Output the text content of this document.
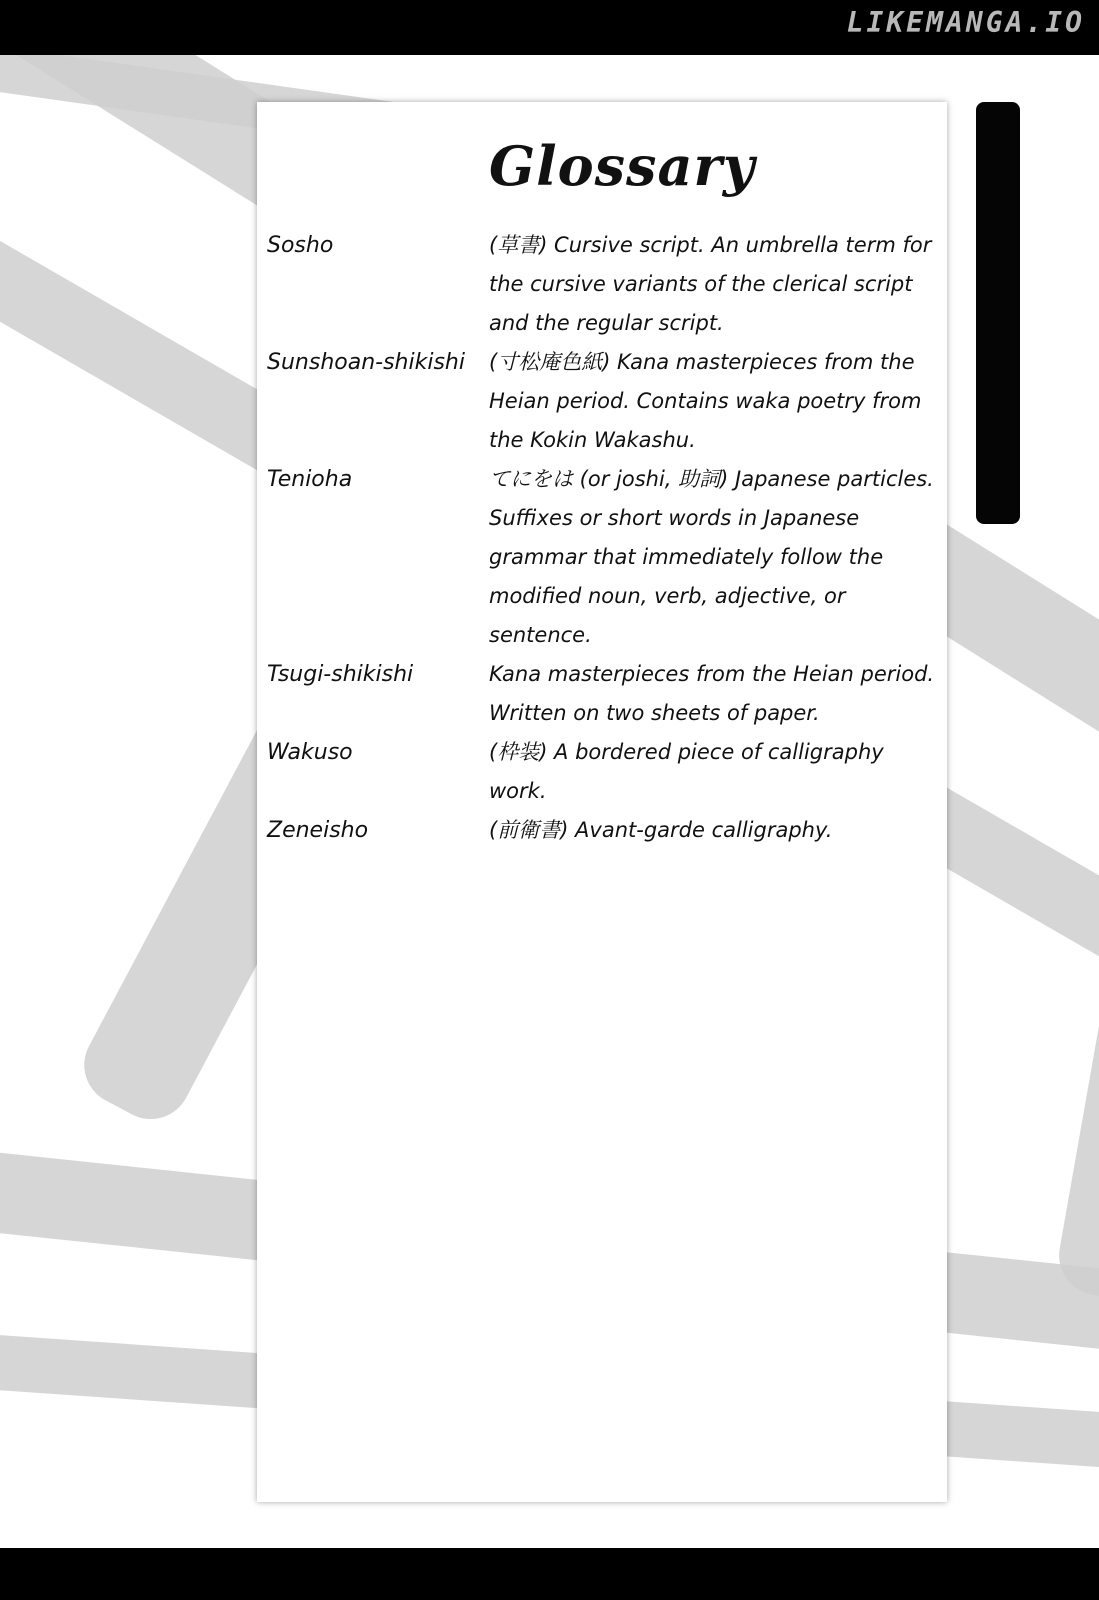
LIKEMANGA.IO
Glossary
Sosho	(草書) Cursive script. An umbrella term for the cursive variants of the clerical script and the regular script.
Sunshoan-shikishi	(寸松庵色紙) Kana masterpieces from the Heian period. Contains waka poetry from the Kokin Wakashu.
Tenioha	てにをは (or joshi, 助詞) Japanese particles. Suffixes or short words in Japanese grammar that immediately follow the modified noun, verb, adjective, or sentence.
Tsugi-shikishi	Kana masterpieces from the Heian period. Written on two sheets of paper.
Wakuso	(枠装) A bordered piece of calligraphy work.
Zeneisho	(前衛書) Avant-garde calligraphy.
